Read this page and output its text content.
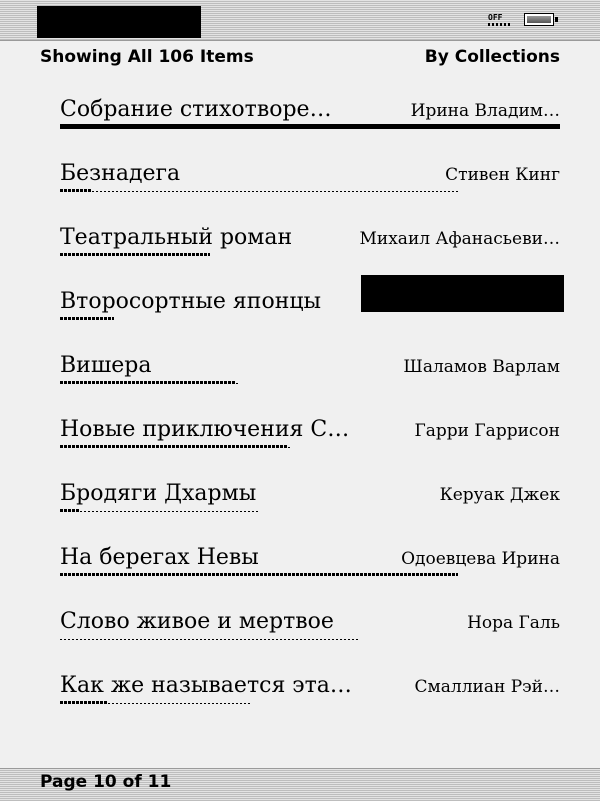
OFF
Showing All 106 Items	By Collections
Собрание стихотворе…	Ирина Владим…
Безнадега	Стивен Кинг
Театральный роман	Михаил Афанасьеви…
Второсортные японцы
Вишера	Шаламов Варлам
Новые приключения С…	Гарри Гаррисон
Бродяги Дхармы	Керуак Джек
На берегах Невы	Одоевцева Ирина
Слово живое и мертвое	Нора Галь
Как же называется эта…	Смаллиан Рэй…
Page 10 of 11
